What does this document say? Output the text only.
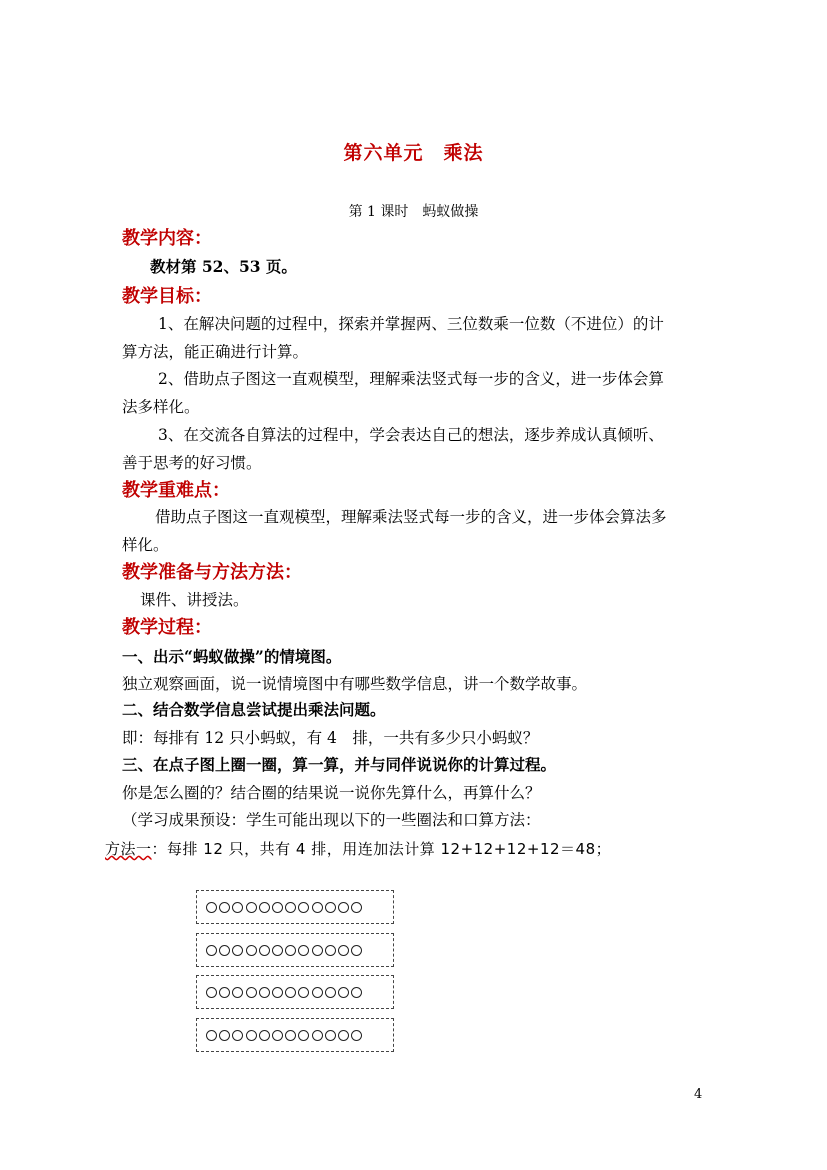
第六单元　乘法
第 1 课时　蚂蚁做操
教学内容：
教材第 52、53 页。
教学目标：
1、在解决问题的过程中，探索并掌握两、三位数乘一位数（不进位）的计
算方法，能正确进行计算。
2、借助点子图这一直观模型，理解乘法竖式每一步的含义，进一步体会算
法多样化。
3、在交流各自算法的过程中，学会表达自己的想法，逐步养成认真倾听、
善于思考的好习惯。
教学重难点：
借助点子图这一直观模型，理解乘法竖式每一步的含义，进一步体会算法多
样化。
教学准备与方法方法：
课件、讲授法。
教学过程：
一、出示“蚂蚁做操”的情境图。
独立观察画面，说一说情境图中有哪些数学信息，讲一个数学故事。
二、结合数学信息尝试提出乘法问题。
即：每排有 12 只小蚂蚁，有 4　排，一共有多少只小蚂蚁？
三、在点子图上圈一圈，算一算，并与同伴说说你的计算过程。
你是怎么圈的？结合圈的结果说一说你先算什么，再算什么？
（学习成果预设：学生可能出现以下的一些圈法和口算方法：
方法一：每排 12 只，共有 4 排，用连加法计算 12+12+12+12＝48；
4
